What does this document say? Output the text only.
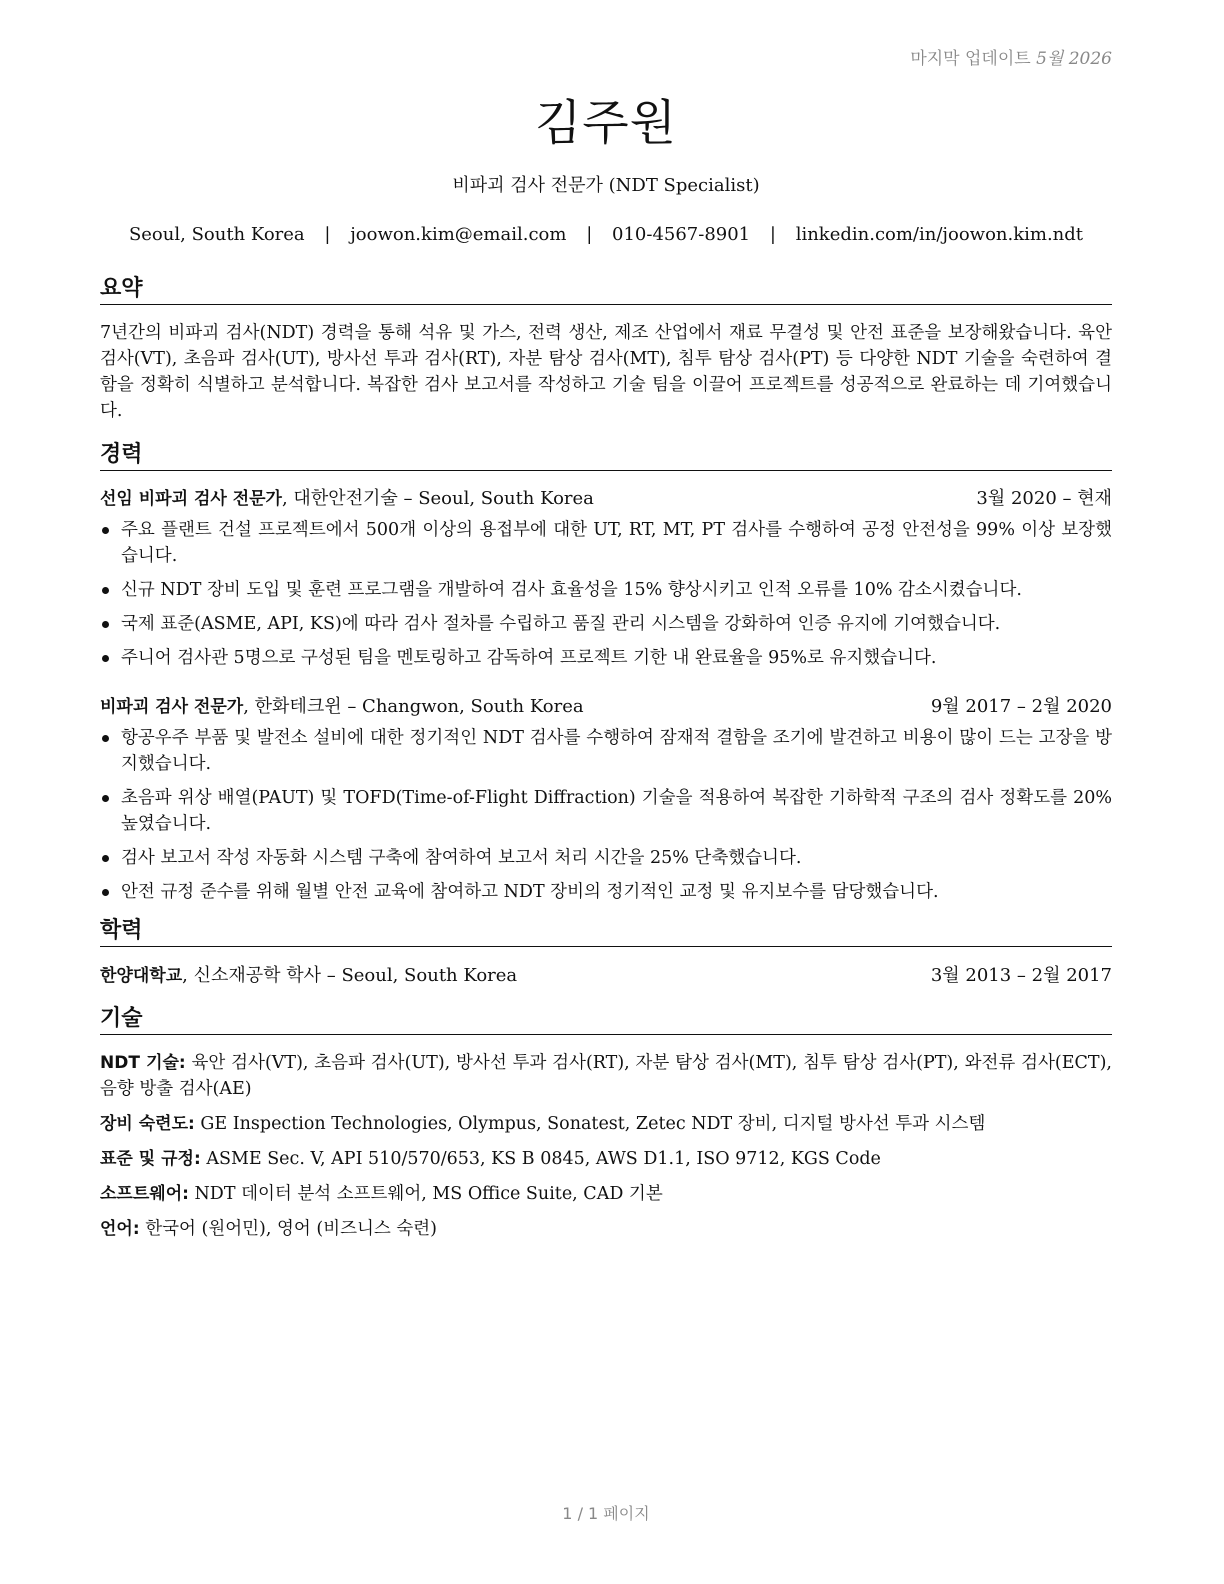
마지막 업데이트 5월 2026
김주원
비파괴 검사 전문가 (NDT Specialist)
Seoul, South Korea | joowon.kim@email.com | 010-4567-8901 | linkedin.com/in/joowon.kim.ndt
요약
7년간의 비파괴 검사(NDT) 경력을 통해 석유 및 가스, 전력 생산, 제조 산업에서 재료 무결성 및 안전 표준을 보장해왔습니다. 육안 검사(VT), 초음파 검사(UT), 방사선 투과 검사(RT), 자분 탐상 검사(MT), 침투 탐상 검사(PT) 등 다양한 NDT 기술을 숙련하여 결함을 정확히 식별하고 분석합니다. 복잡한 검사 보고서를 작성하고 기술 팀을 이끌어 프로젝트를 성공적으로 완료하는 데 기여했습니다.
경력
선임 비파괴 검사 전문가, 대한안전기술 – Seoul, South Korea	3월 2020 – 현재
주요 플랜트 건설 프로젝트에서 500개 이상의 용접부에 대한 UT, RT, MT, PT 검사를 수행하여 공정 안전성을 99% 이상 보장했습니다.
신규 NDT 장비 도입 및 훈련 프로그램을 개발하여 검사 효율성을 15% 향상시키고 인적 오류를 10% 감소시켰습니다.
국제 표준(ASME, API, KS)에 따라 검사 절차를 수립하고 품질 관리 시스템을 강화하여 인증 유지에 기여했습니다.
주니어 검사관 5명으로 구성된 팀을 멘토링하고 감독하여 프로젝트 기한 내 완료율을 95%로 유지했습니다.
비파괴 검사 전문가, 한화테크윈 – Changwon, South Korea	9월 2017 – 2월 2020
항공우주 부품 및 발전소 설비에 대한 정기적인 NDT 검사를 수행하여 잠재적 결함을 조기에 발견하고 비용이 많이 드는 고장을 방지했습니다.
초음파 위상 배열(PAUT) 및 TOFD(Time-of-Flight Diffraction) 기술을 적용하여 복잡한 기하학적 구조의 검사 정확도를 20% 높였습니다.
검사 보고서 작성 자동화 시스템 구축에 참여하여 보고서 처리 시간을 25% 단축했습니다.
안전 규정 준수를 위해 월별 안전 교육에 참여하고 NDT 장비의 정기적인 교정 및 유지보수를 담당했습니다.
학력
한양대학교, 신소재공학 학사 – Seoul, South Korea	3월 2013 – 2월 2017
기술
NDT 기술: 육안 검사(VT), 초음파 검사(UT), 방사선 투과 검사(RT), 자분 탐상 검사(MT), 침투 탐상 검사(PT), 와전류 검사(ECT), 음향 방출 검사(AE)
장비 숙련도: GE Inspection Technologies, Olympus, Sonatest, Zetec NDT 장비, 디지털 방사선 투과 시스템
표준 및 규정: ASME Sec. V, API 510/570/653, KS B 0845, AWS D1.1, ISO 9712, KGS Code
소프트웨어: NDT 데이터 분석 소프트웨어, MS Office Suite, CAD 기본
언어: 한국어 (원어민), 영어 (비즈니스 숙련)
1 / 1 페이지
